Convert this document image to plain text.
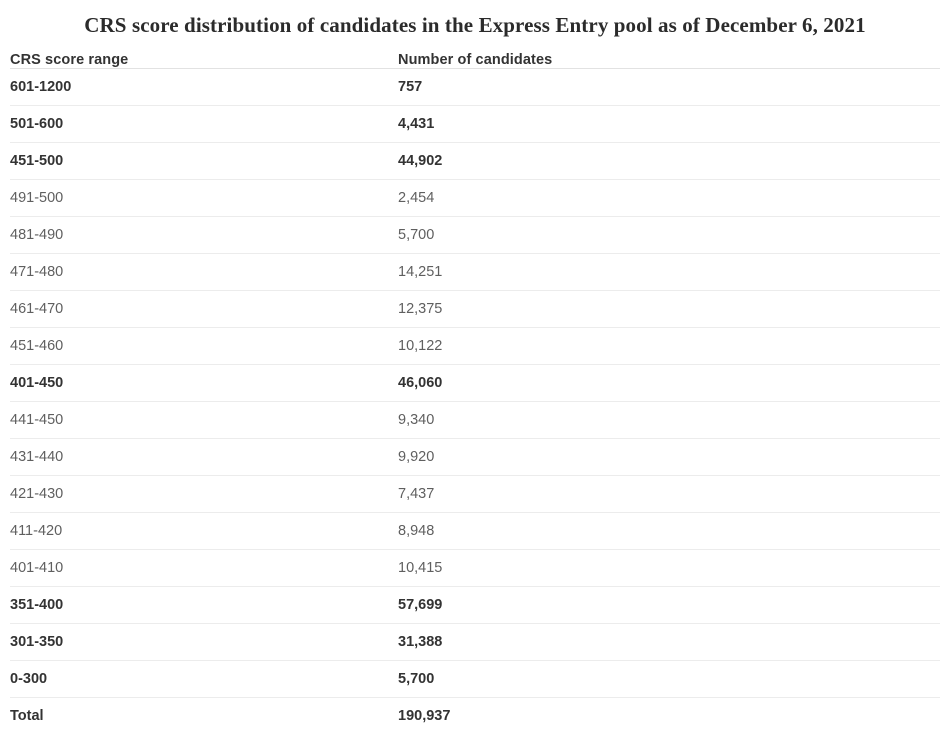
CRS score distribution of candidates in the Express Entry pool as of December 6, 2021
CRS score range	Number of candidates
601-1200	757
501-600	4,431
451-500	44,902
491-500	2,454
481-490	5,700
471-480	14,251
461-470	12,375
451-460	10,122
401-450	46,060
441-450	9,340
431-440	9,920
421-430	7,437
411-420	8,948
401-410	10,415
351-400	57,699
301-350	31,388
0-300	5,700
Total	190,937
